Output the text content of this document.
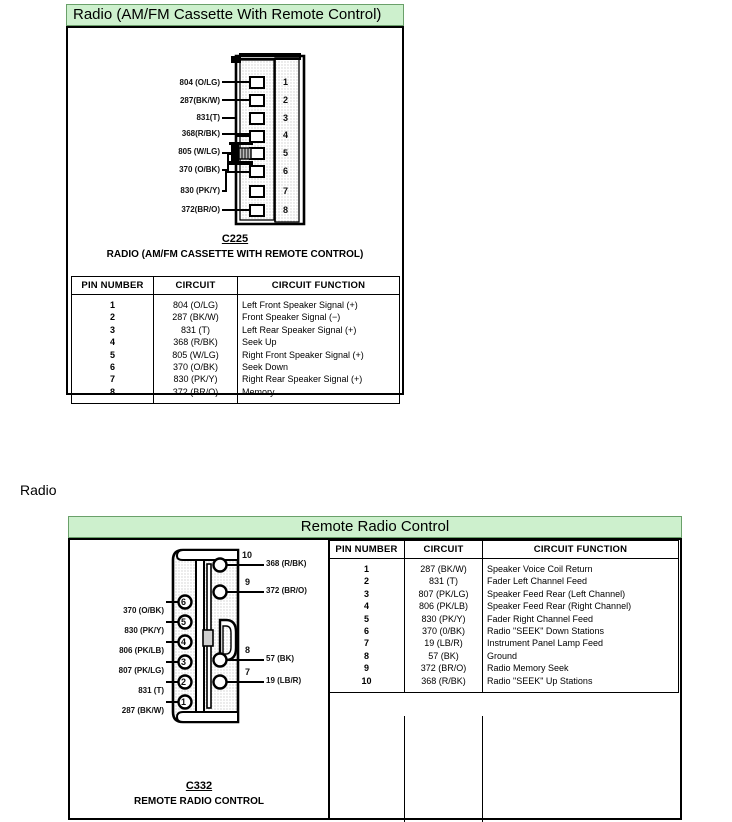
Radio (AM/FM Cassette With Remote Control)
804 (O/LG)
287(BK/W)
831(T)
368(R/BK)
805 (W/LG)
370 (O/BK)
830 (PK/Y)
372(BR/O)
1
2
3
4
5
6
7
8
C225
RADIO (AM/FM CASSETTE WITH REMOTE CONTROL)
PIN NUMBER	CIRCUIT	CIRCUIT FUNCTION
1	804 (O/LG)	Left Front Speaker Signal (+)
2	287 (BK/W)	Front Speaker Signal (−)
3	831 (T)	Left Rear Speaker Signal (+)
4	368 (R/BK)	Seek Up
5	805 (W/LG)	Right Front Speaker Signal (+)
6	370 (O/BK)	Seek Down
7	830 (PK/Y)	Right Rear Speaker Signal (+)
8	372 (BR/O)	Memory
Radio
Remote Radio Control
370 (O/BK)
830 (PK/Y)
806 (PK/LB)
807 (PK/LG)
831 (T)
287 (BK/W)
6
5
4
3
2
1
368 (R/BK)
372 (BR/O)
57 (BK)
19 (LB/R)
10
9
8
7
C332
REMOTE RADIO CONTROL
PIN NUMBER	CIRCUIT	CIRCUIT FUNCTION
1	287 (BK/W)	Speaker Voice Coil Return
2	831 (T)	Fader Left Channel Feed
3	807 (PK/LG)	Speaker Feed Rear (Left Channel)
4	806 (PK/LB)	Speaker Feed Rear (Right Channel)
5	830 (PK/Y)	Fader Right Channel Feed
6	370 (0/BK)	Radio "SEEK" Down Stations
7	19 (LB/R)	Instrument Panel Lamp Feed
8	57 (BK)	Ground
9	372 (BR/O)	Radio Memory Seek
10	368 (R/BK)	Radio "SEEK" Up Stations
